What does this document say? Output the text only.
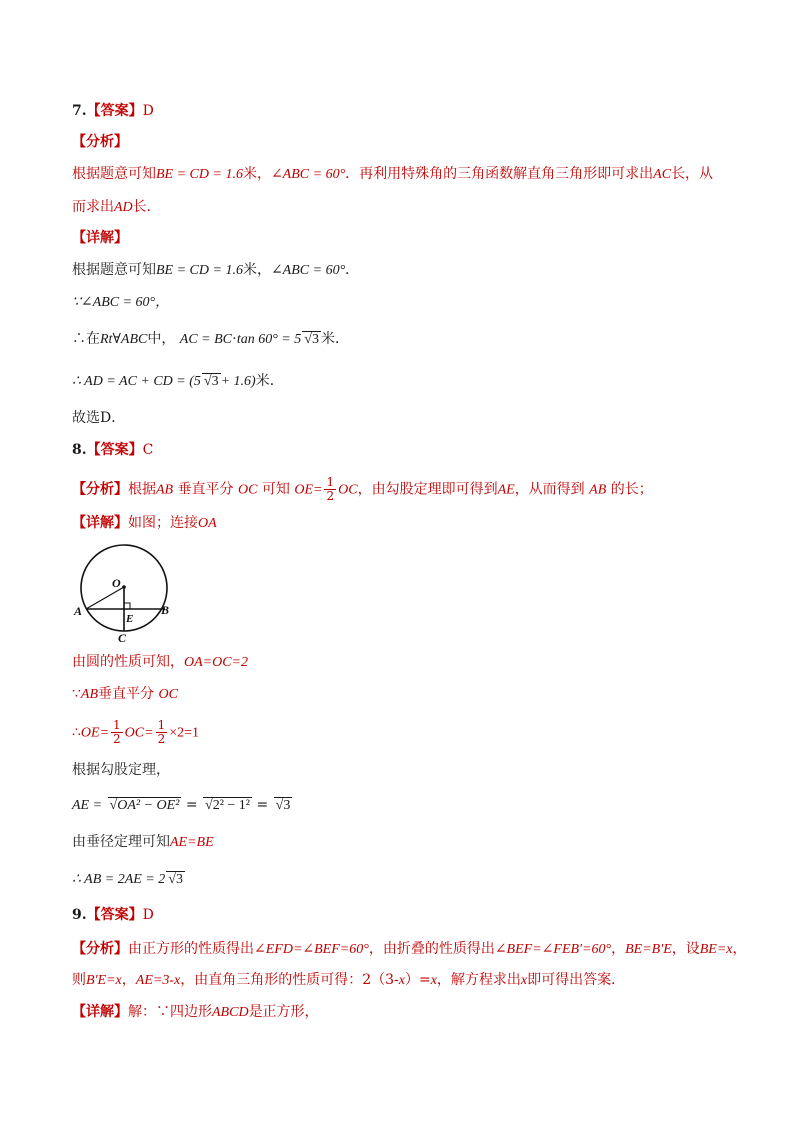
7.【答案】D
【分析】
根据题意可知BE = CD = 1.6米，∠ABC = 60°．再利用特殊角的三角函数解直角三角形即可求出AC长，从
而求出AD长．
【详解】
根据题意可知BE = CD = 1.6米，∠ABC = 60°．
∵∠ABC = 60°，
∴在Rt∀ABC中， AC = BC⋅tan 60° = 5 √3 米．
∴ AD = AC + CD = (5 √3 + 1.6)米．
故选D．
8.【答案】C
【分析】根据AB 垂直平分 OC 可知 $OE= \frac{1}{2}$ OC，由勾股定理即可得到AE，从而得到 AB 的长；
【详解】如图；连接OA
O
A	B
E
C
由圆的性质可知，OA=OC=2
∵AB垂直平分 OC
∴OE= $\frac{1}{2} OC= \frac{1}{2} \times 2=1$
根据勾股定理，
AE = √OA² − OE² = √2² − 1² = √3
由垂径定理可知AE=BE
∴ AB = 2AE = 2 √3
9.【答案】D
【分析】由正方形的性质得出∠EFD=∠BEF=60°，由折叠的性质得出∠BEF=∠FEB'=60°，BE=B'E，设BE=x，
则B'E=x，AE=3-x，由直角三角形的性质可得：2（3-x）=x，解方程求出x即可得出答案．
【详解】解：∵四边形ABCD是正方形，
